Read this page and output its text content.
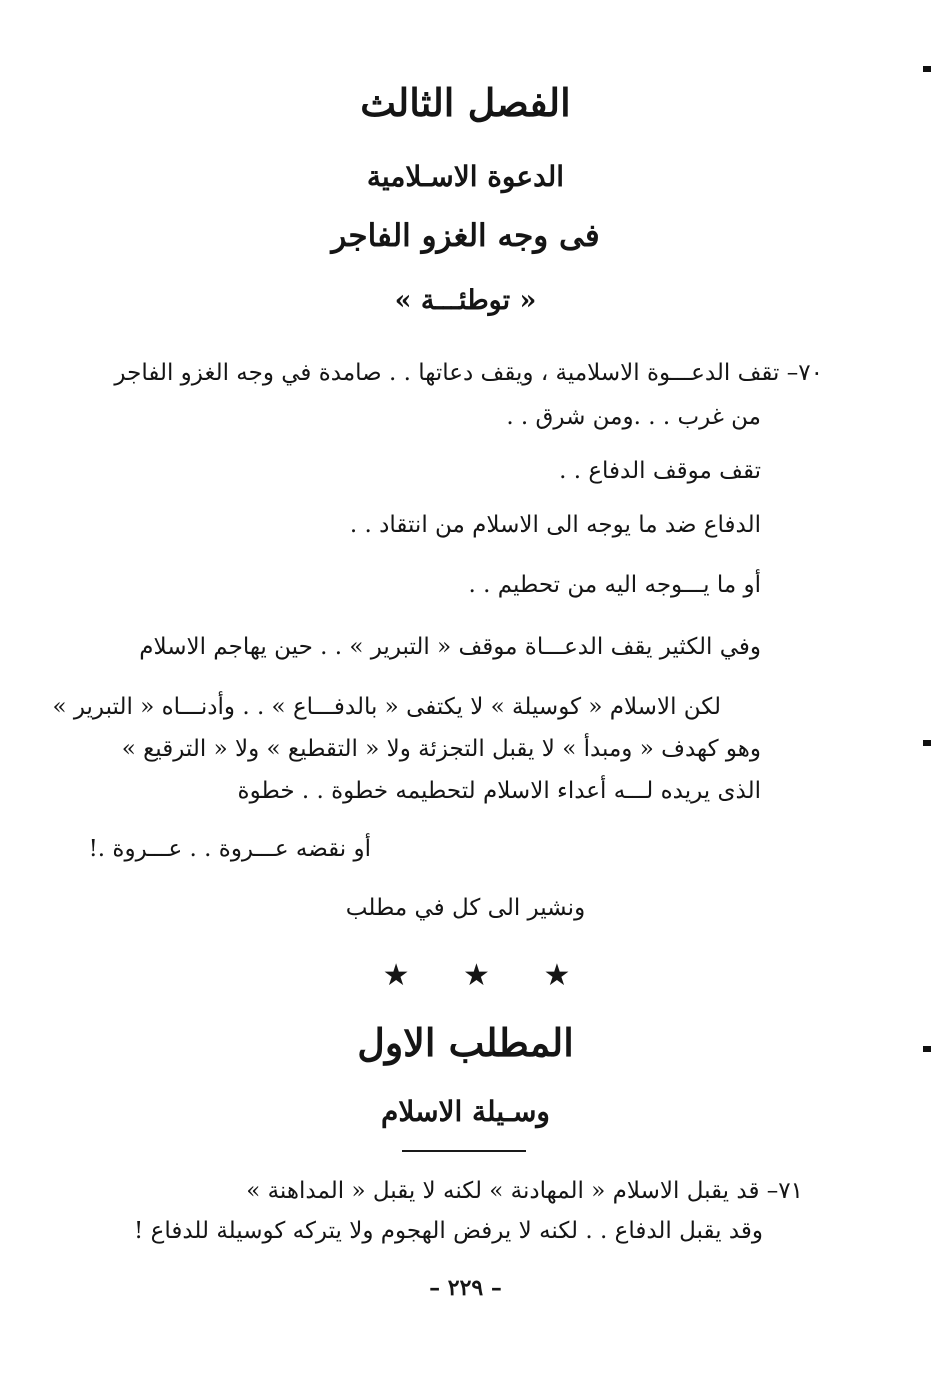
الفصل الثالث
الدعوة الاسـلامية
فى وجه الغزو الفاجر
« توطئـــة »
٧٠– تقف الدعـــوة الاسلامية ، ويقف دعاتها . . صامدة في وجه الغزو الفاجر
من غرب . . .ومن شرق . .
تقف موقف الدفاع . .
الدفاع ضد ما يوجه الى الاسلام من انتقاد . .
أو ما يـــوجه اليه من تحطيم . .
وفي الكثير يقف الدعـــاة موقف « التبرير » . . حين يهاجم الاسلام
لكن الاسلام « كوسيلة » لا يكتفى « بالدفـــاع » . . وأدنـــاه « التبرير »
وهو كهدف « ومبدأ » لا يقبل التجزئة ولا « التقطيع » ولا « الترقيع »
الذى يريده لـــه أعداء الاسلام لتحطيمه خطوة . . خطوة
أو نقضه عـــروة . . عـــروة .!
ونشير الى كل في مطلب
★ ★ ★
المطلب الاول
وسـيلة الاسلام
٧١– قد يقبل الاسلام « المهادنة » لكنه لا يقبل « المداهنة »
وقد يقبل الدفاع . . لكنه لا يرفض الهجوم ولا يتركه كوسيلة للدفاع !
– ٢٢٩ –
